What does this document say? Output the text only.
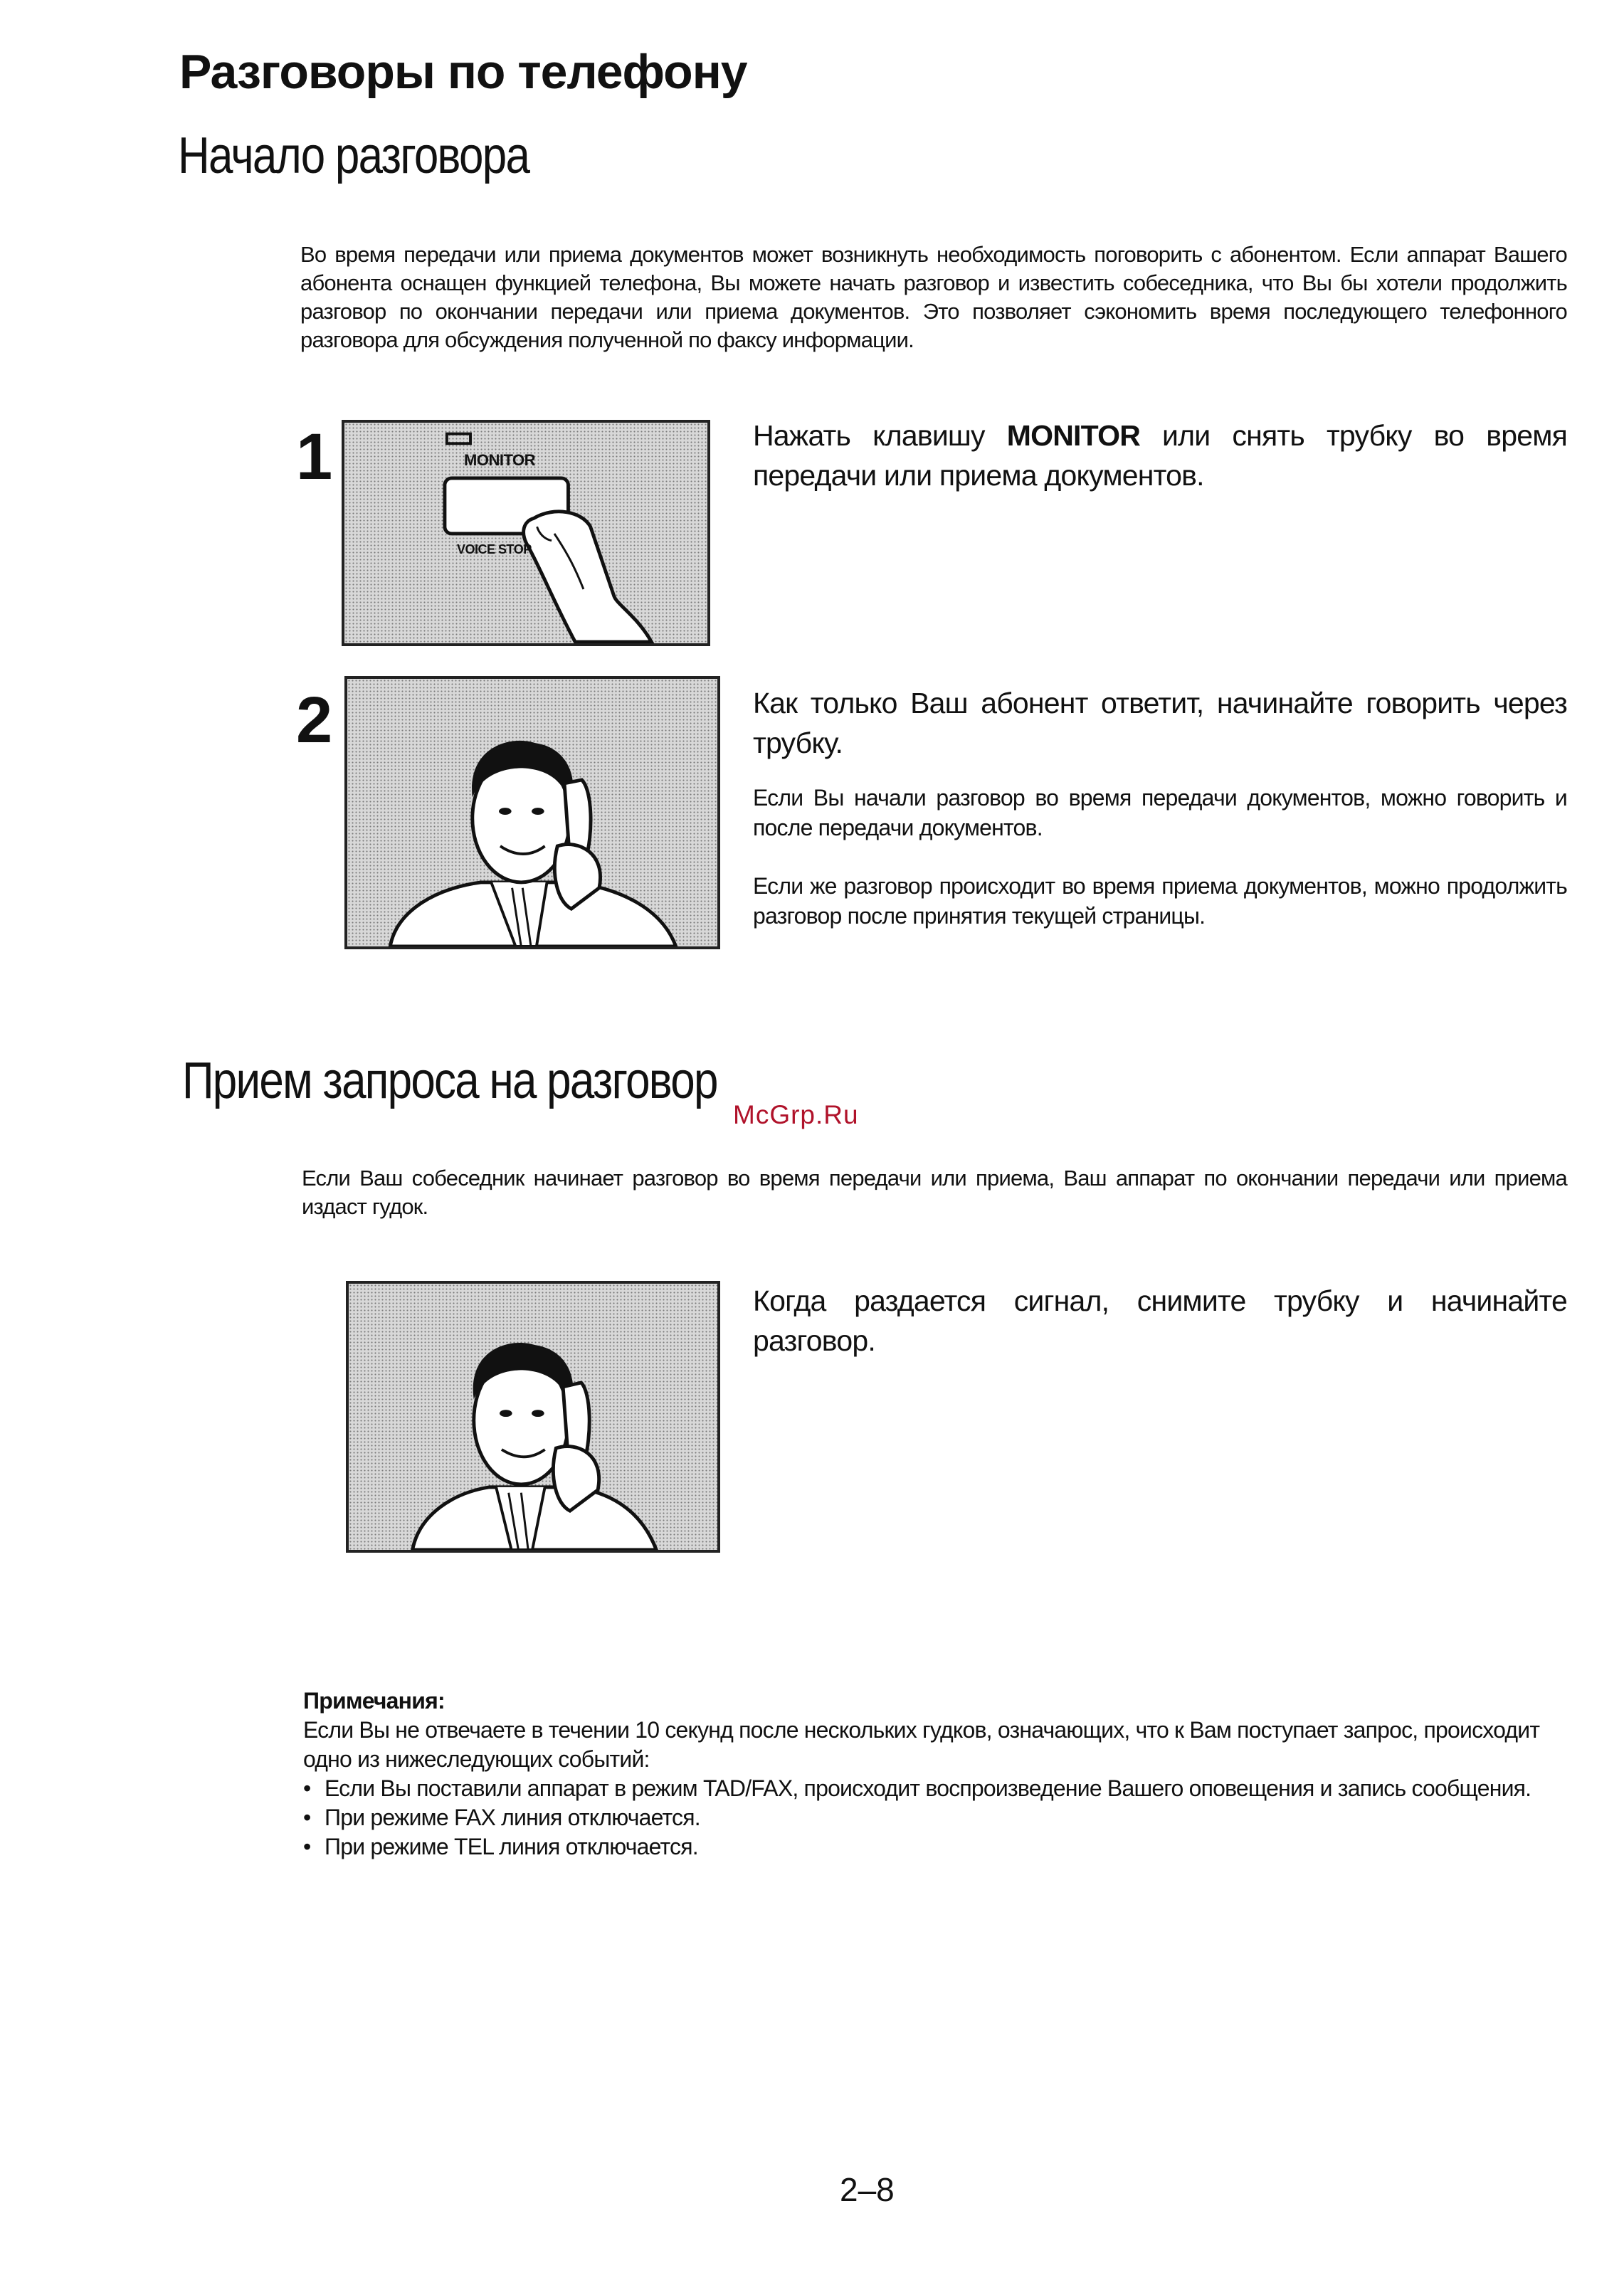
Разговоры по телефону
Начало разговора
Во время передачи или приема документов может возникнуть необходимость поговорить с абонентом. Если аппарат Вашего абонента оснащен функцией телефона, Вы можете начать разговор и известить собеседника, что Вы бы хотели продолжить разговор по окончании передачи или приема документов. Это позволяет сэкономить время последующего телефонного разговора для обсуждения полученной по факсу информации.
1	MONITOR
VOICE STOP
Нажать клавишу MONITOR или снять трубку во время передачи или приема документов.
2	Как только Ваш абонент ответит, начинайте говорить через трубку.
Если Вы начали разговор во время передачи документов, можно говорить и после передачи документов.
Если же разговор происходит во время приема документов, можно продолжить разговор после принятия текущей страницы.
Прием запроса на разговор
McGrp.Ru
Если Ваш собеседник начинает разговор во время передачи или приема, Ваш аппарат по окончании передачи или приема издаст гудок.
Когда раздается сигнал, снимите трубку и начинайте разговор.
Примечания:
Если Вы не отвечаете в течении 10 секунд после нескольких гудков, означающих, что к Вам поступает запрос, происходит одно из нижеследующих событий:
• Если Вы поставили аппарат в режим TAD/FAX, происходит воспроизведение Вашего оповещения и запись сообщения.
• При режиме FAX линия отключается.
• При режиме TEL линия отключается.
2–8
